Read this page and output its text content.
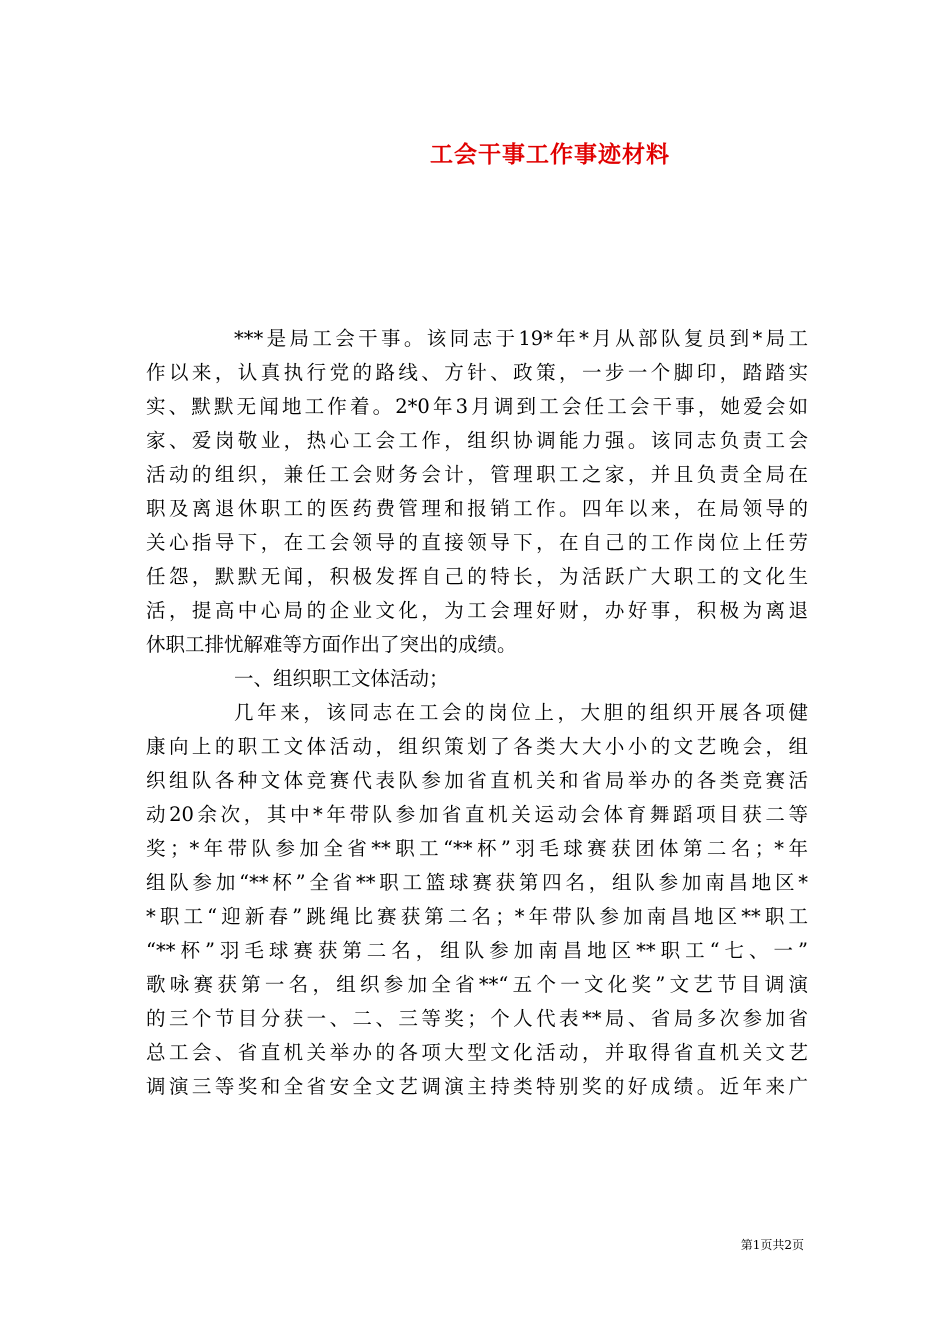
工会干事工作事迹材料
***是局工会干事。该同志于19*年*月从部队复员到*局工
作以来，认真执行党的路线、方针、政策，一步一个脚印，踏踏实
实、默默无闻地工作着。2*0年3月调到工会任工会干事，她爱会如
家、爱岗敬业，热心工会工作，组织协调能力强。该同志负责工会
活动的组织，兼任工会财务会计，管理职工之家，并且负责全局在
职及离退休职工的医药费管理和报销工作。四年以来，在局领导的
关心指导下，在工会领导的直接领导下，在自己的工作岗位上任劳
任怨，默默无闻，积极发挥自己的特长，为活跃广大职工的文化生
活，提高中心局的企业文化，为工会理好财，办好事，积极为离退
休职工排忧解难等方面作出了突出的成绩。
一、组织职工文体活动；
几年来，该同志在工会的岗位上，大胆的组织开展各项健
康向上的职工文体活动，组织策划了各类大大小小的文艺晚会，组
织组队各种文体竞赛代表队参加省直机关和省局举办的各类竞赛活
动20余次，其中*年带队参加省直机关运动会体育舞蹈项目获二等
奖；*年带队参加全省**职工“**杯”羽毛球赛获团体第二名；*年
组队参加“**杯”全省**职工篮球赛获第四名，组队参加南昌地区*
*职工“迎新春”跳绳比赛获第二名；*年带队参加南昌地区**职工
“**杯”羽毛球赛获第二名，组队参加南昌地区**职工“七、一”
歌咏赛获第一名，组织参加全省**“五个一文化奖”文艺节目调演
的三个节目分获一、二、三等奖；个人代表**局、省局多次参加省
总工会、省直机关举办的各项大型文化活动，并取得省直机关文艺
调演三等奖和全省安全文艺调演主持类特别奖的好成绩。近年来广
第1页共2页
